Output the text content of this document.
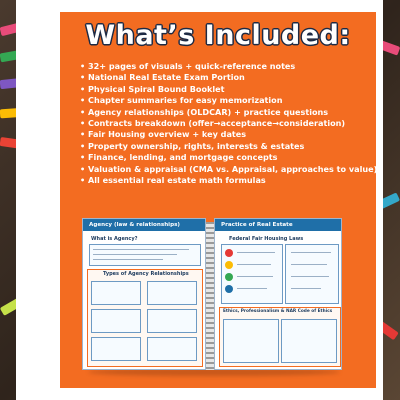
What’s Included:
• 32+ pages of visuals + quick-reference notes
• National Real Estate Exam Portion
• Physical Spiral Bound Booklet
• Chapter summaries for easy memorization
• Agency relationships (OLDCAR) + practice questions
• Contracts breakdown (offer→acceptance→consideration)
• Fair Housing overview + key dates
• Property ownership, rights, interests & estates
• Finance, lending, and mortgage concepts
• Valuation & appraisal (CMA vs. Appraisal, approaches to value)
• All essential real estate math formulas
Agency (law & relationships)
What is Agency?
Types of Agency Relationships
Practice of Real Estate
Federal Fair Housing Laws
Ethics, Professionalism & NAR Code of Ethics
